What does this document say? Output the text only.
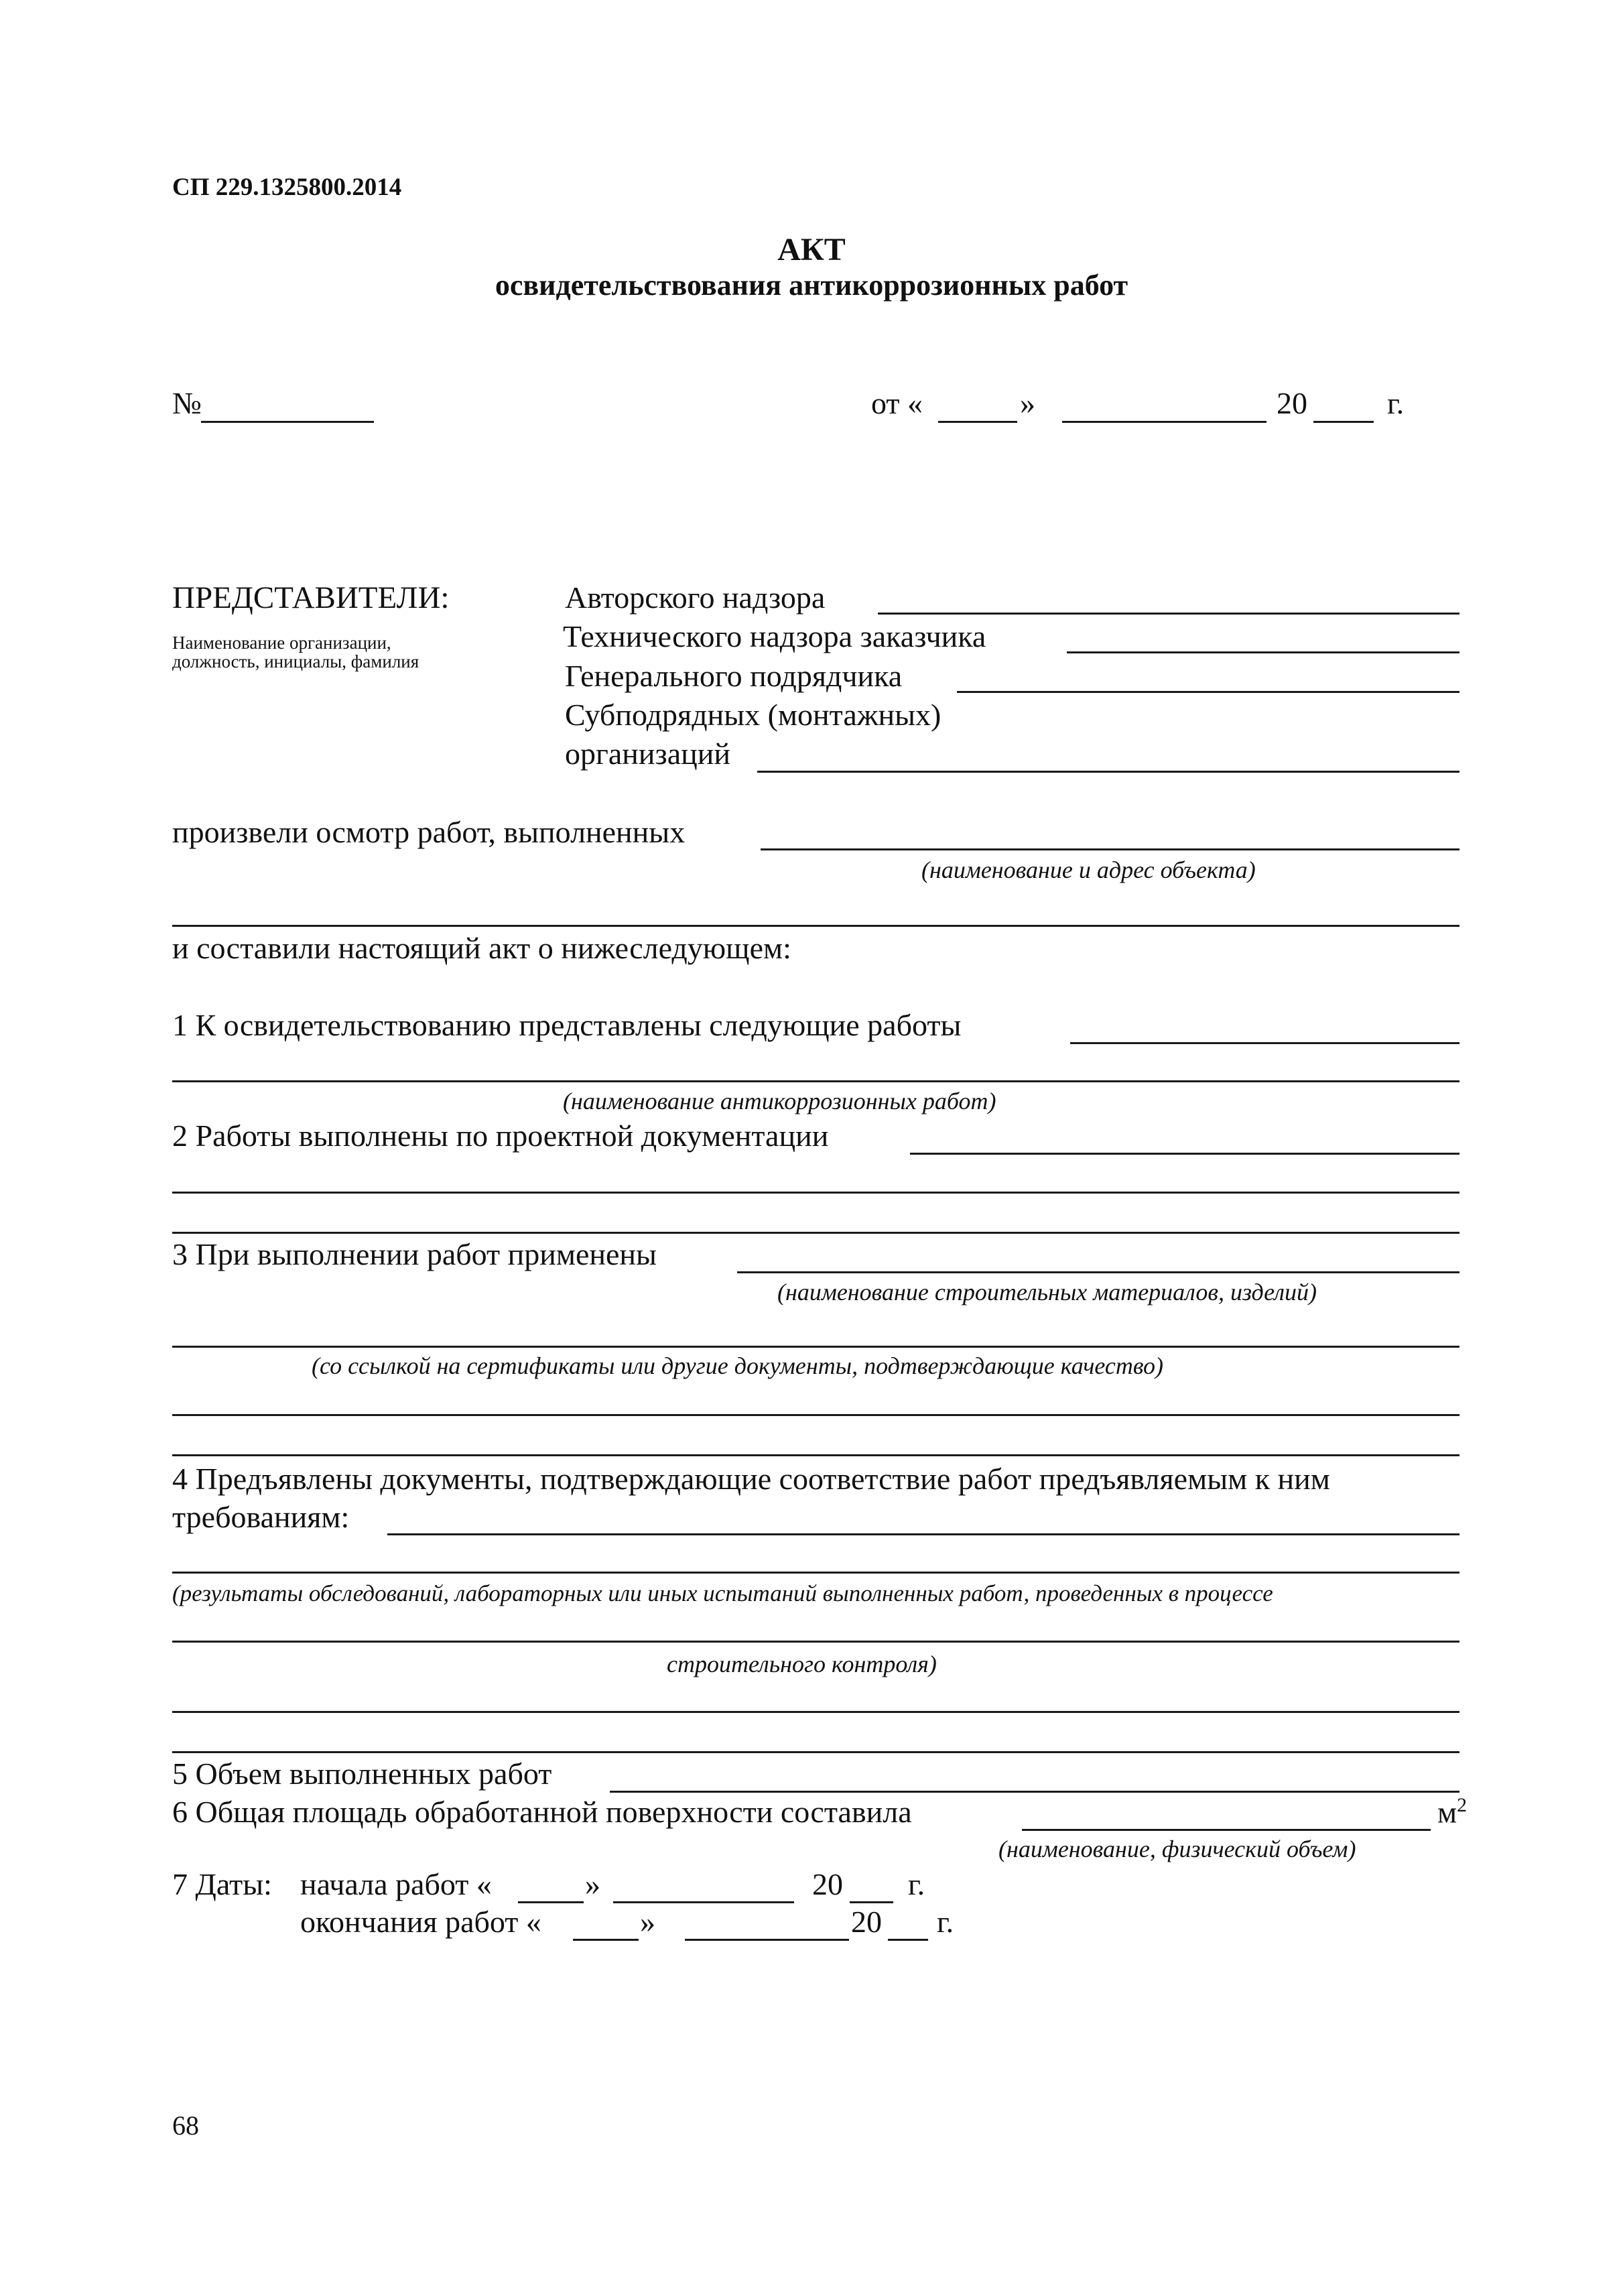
СП 229.1325800.2014
АКТ
освидетельствования антикоррозионных работ
№	от «	»	20	г.
ПРЕДСТАВИТЕЛИ:
Наименование организации,
должность, инициалы, фамилия
Авторского надзора
Технического надзора заказчика
Генерального подрядчика
Субподрядных (монтажных)
организаций
произвели осмотр работ, выполненных
(наименование и адрес объекта)
и составили настоящий акт о нижеследующем:
1 К освидетельствованию представлены следующие работы
(наименование антикоррозионных работ)
2 Работы выполнены по проектной документации
3 При выполнении работ применены
(наименование строительных материалов, изделий)
(со ссылкой на сертификаты или другие документы, подтверждающие качество)
4 Предъявлены документы, подтверждающие соответствие работ предъявляемым к ним
требованиям:
(результаты обследований, лабораторных или иных испытаний выполненных работ, проведенных в процессе
строительного контроля)
5 Объем выполненных работ
6 Общая площадь обработанной поверхности составила	$м^2$
(наименование, физический объем)
7 Даты: начала работ «	»	20 г.
окончания работ «	»	20 г.
68
